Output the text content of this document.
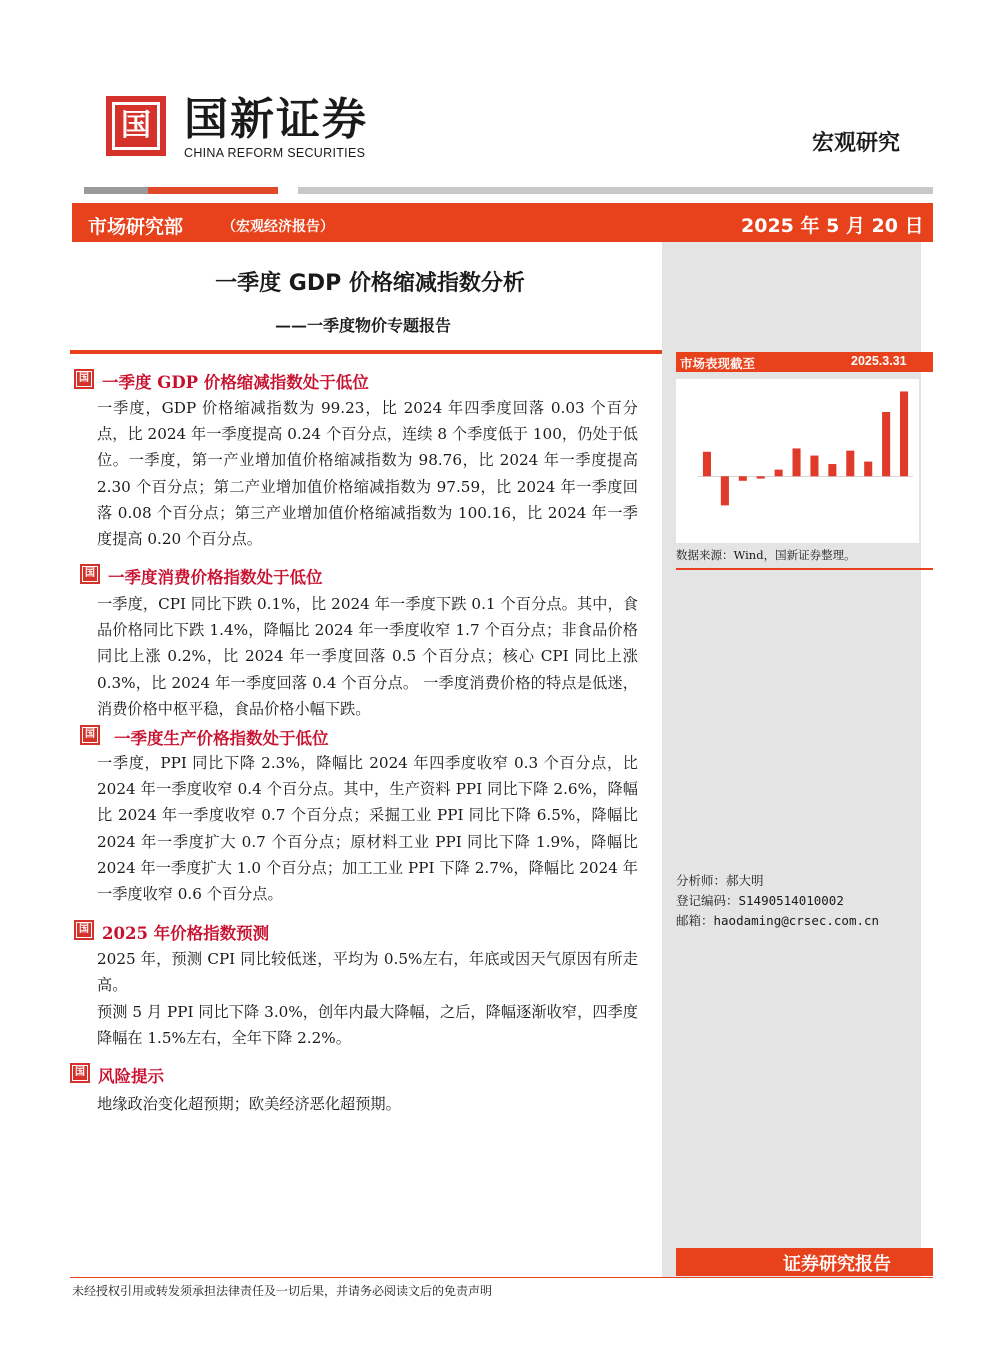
国 国新证券
CHINA REFORM SECURITIES	宏观研究
市场研究部	（宏观经济报告）	2025 年 5 月 20 日
一季度 GDP 价格缩减指数分析
——一季度物价专题报告
国 一季度 GDP 价格缩减指数处于低位
一季度，GDP 价格缩减指数为 99.23，比 2024 年四季度回落 0.03 个百分点，比 2024 年一季度提高 0.24 个百分点，连续 8 个季度低于 100，仍处于低位。一季度，第一产业增加值价格缩减指数为 98.76，比 2024 年一季度提高 2.30 个百分点；第二产业增加值价格缩减指数为 97.59，比 2024 年一季度回落 0.08 个百分点；第三产业增加值价格缩减指数为 100.16，比 2024 年一季度提高 0.20 个百分点。
国 一季度消费价格指数处于低位
一季度，CPI 同比下跌 0.1%，比 2024 年一季度下跌 0.1 个百分点。其中，食品价格同比下跌 1.4%，降幅比 2024 年一季度收窄 1.7 个百分点；非食品价格同比上涨 0.2%，比 2024 年一季度回落 0.5 个百分点；核心 CPI 同比上涨 0.3%，比 2024 年一季度回落 0.4 个百分点。 一季度消费价格的特点是低迷，消费价格中枢平稳，食品价格小幅下跌。
国 一季度生产价格指数处于低位
一季度，PPI 同比下降 2.3%，降幅比 2024 年四季度收窄 0.3 个百分点，比 2024 年一季度收窄 0.4 个百分点。其中，生产资料 PPI 同比下降 2.6%，降幅比 2024 年一季度收窄 0.7 个百分点；采掘工业 PPI 同比下降 6.5%，降幅比 2024 年一季度扩大 0.7 个百分点；原材料工业 PPI 同比下降 1.9%，降幅比 2024 年一季度扩大 1.0 个百分点；加工工业 PPI 下降 2.7%，降幅比 2024 年一季度收窄 0.6 个百分点。
国 2025 年价格指数预测
2025 年，预测 CPI 同比较低迷，平均为 0.5%左右，年底或因天气原因有所走高。
预测 5 月 PPI 同比下降 3.0%，创年内最大降幅，之后，降幅逐渐收窄，四季度降幅在 1.5%左右，全年下降 2.2%。
国 风险提示
地缘政治变化超预期；欧美经济恶化超预期。
市场表现截至	2025.3.31
数据来源：Wind，国新证券整理。
分析师：郝大明
登记编码：S1490514010002
邮箱：haodaming@crsec.com.cn
证券研究报告
未经授权引用或转发须承担法律责任及一切后果，并请务必阅读文后的免责声明
